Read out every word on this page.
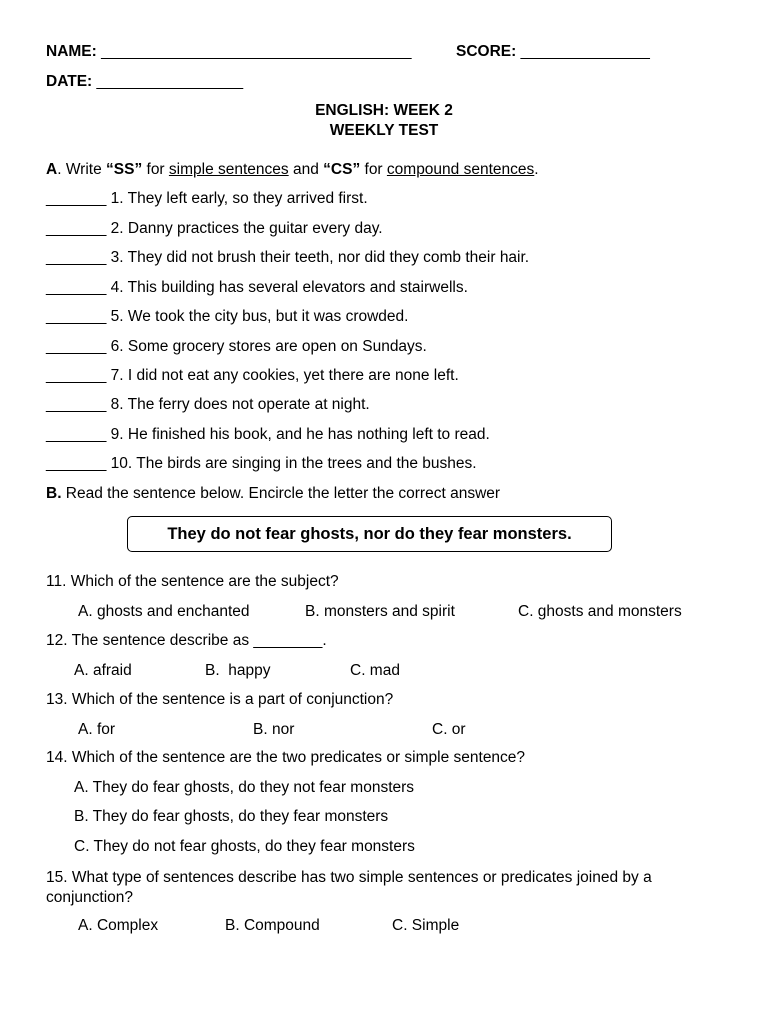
NAME: ____________________________________	SCORE: _______________
DATE: _________________
ENGLISH: WEEK 2
WEEKLY TEST
A. Write “SS” for simple sentences and “CS” for compound sentences.
_______ 1. They left early, so they arrived first.
_______ 2. Danny practices the guitar every day.
_______ 3. They did not brush their teeth, nor did they comb their hair.
_______ 4. This building has several elevators and stairwells.
_______ 5. We took the city bus, but it was crowded.
_______ 6. Some grocery stores are open on Sundays.
_______ 7. I did not eat any cookies, yet there are none left.
_______ 8. The ferry does not operate at night.
_______ 9. He finished his book, and he has nothing left to read.
_______ 10. The birds are singing in the trees and the bushes.
B. Read the sentence below. Encircle the letter the correct answer
They do not fear ghosts, nor do they fear monsters.
11. Which of the sentence are the subject?
A. ghosts and enchanted	B. monsters and spirit	C. ghosts and monsters
12. The sentence describe as ________.
A. afraid	B.  happy	C. mad
13. Which of the sentence is a part of conjunction?
A. for	B. nor	C. or
14. Which of the sentence are the two predicates or simple sentence?
A. They do fear ghosts, do they not fear monsters
B. They do fear ghosts, do they fear monsters
C. They do not fear ghosts, do they fear monsters
15. What type of sentences describe has two simple sentences or predicates joined by a conjunction?
A. Complex	B. Compound	C. Simple
